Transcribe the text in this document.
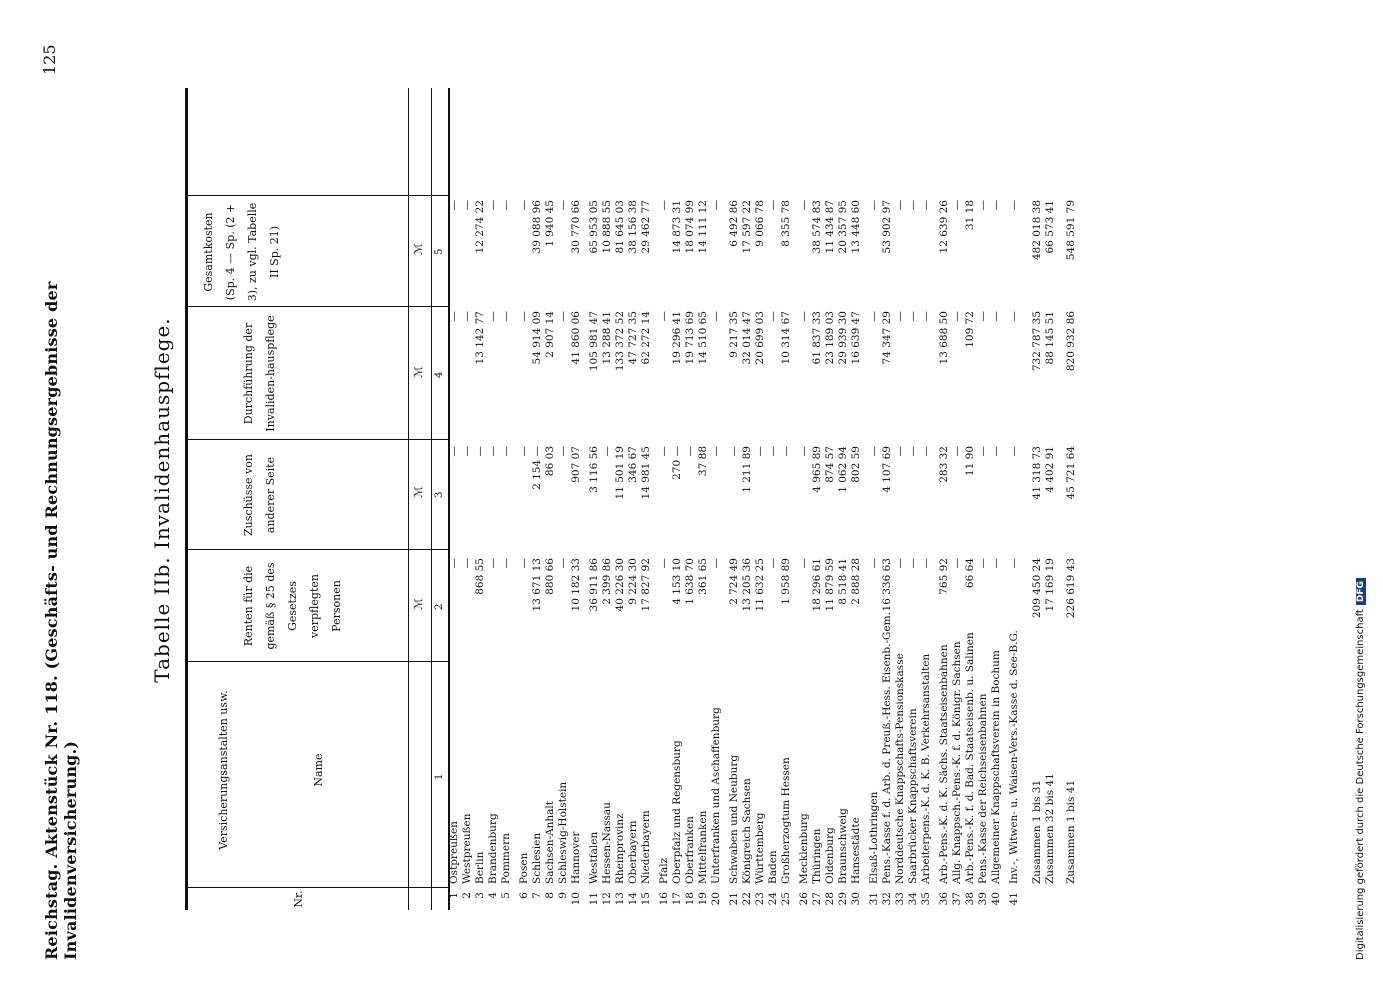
Reichstag. Aktenstück Nr. 118. (Geschäfts- und Rechnungsergebnisse der Invalidenversicherung.)
125
Tabelle IIb. Invalidenhauspflege.
Nr.
Versicherungsanstalten usw.	Name
Renten für die gemäß § 25 des Gesetzes verpflegten Personen
Zuschüsse von anderer Seite
Durchführung der Invaliden-hauspflege
Gesamtkosten (Sp. 4 — Sp. (2 + 3), zu vgl. Tabelle II Sp. 21)
ℳ
ℳ
ℳ
ℳ
1
2
3
4
5
1
Ostpreußen
—
—
—
—
2
Westpreußen
—
—
—
—
3
Berlin
868 55
—
13 142 77
12 274 22
4
Brandenburg
—
—
—
—
5
Pommern
—
—
—
—
6
Posen
—
—
—
—
7
Schlesien
13 671 13
2 154 —
54 914 09
39 088 96
8
Sachsen-Anhalt
880 66
86 03
2 907 14
1 940 45
9
Schleswig-Holstein
—
—
—
—
10
Hannover
10 182 33
907 07
41 860 06
30 770 66
11
Westfalen
36 911 86
3 116 56
105 981 47
65 953 05
12
Hessen-Nassau
2 399 86
—
13 288 41
10 888 55
13
Rheinprovinz
40 226 30
11 501 19
133 372 52
81 645 03
14
Oberbayern
9 224 30
346 67
47 727 35
38 156 38
15
Niederbayern
17 827 92
14 981 45
62 272 14
29 462 77
16
Pfalz
—
—
—
—
17
Oberpfalz und Regensburg
4 153 10
270 —
19 296 41
14 873 31
18
Oberfranken
1 638 70
—
19 713 69
18 074 99
19
Mittelfranken
361 65
37 88
14 510 65
14 111 12
20
Unterfranken und Aschaffenburg
—
—
—
—
21
Schwaben und Neuburg
2 724 49
—
9 217 35
6 492 86
22
Königreich Sachsen
13 205 36
1 211 89
32 014 47
17 597 22
23
Württemberg
11 632 25
—
20 699 03
9 066 78
24
Baden
—
—
—
—
25
Großherzogtum Hessen
1 958 89
—
10 314 67
8 355 78
26
Mecklenburg
—
—
—
—
27
Thüringen
18 296 61
4 965 89
61 837 33
38 574 83
28
Oldenburg
11 879 59
874 57
23 189 03
11 434 87
29
Braunschweig
8 518 41
1 062 94
29 939 30
20 357 95
30
Hansestädte
2 888 28
802 59
16 639 47
13 448 60
31
Elsaß-Lothringen
—
—
—
—
32
Pens.-Kasse f. d. Arb. d. Preuß.-Hess. Eisenb.-Gem.
16 336 63
4 107 69
74 347 29
53 902 97
33
Norddeutsche Knappschafts-Pensionskasse
—
—
—
—
34
Saarbrücker Knappschaftsverein
—
—
—
—
35
Arbeiterpens.-K. d. K. B. Verkehrsanstalten
—
—
—
—
36
Arb.-Pens.-K. d. K. Sächs. Staatseisenbahnen
765 92
283 32
13 688 50
12 639 26
37
Allg. Knappsch.-Pens.-K. f. d. Königr. Sachsen
—
—
—
—
38
Arb.-Pens.-K. f. d. Bad. Staatseisenb. u. Salinen
66 64
11 90
109 72
31 18
39
Pens.-Kasse der Reichseisenbahnen
—
—
—
—
40
Allgemeiner Knappschaftsverein in Bochum
—
—
—
—
41
Inv.-, Witwen- u. Waisen-Vers.-Kasse d. See-B.G.
—
—
—
—
Zusammen 1 bis 31
209 450 24
41 318 73
732 787 35
482 018 38
Zusammen 32 bis 41
17 169 19
4 402 91
88 145 51
66 573 41
Zusammen 1 bis 41
226 619 43
45 721 64
820 932 86
548 591 79
Digitalisierung gefördert durch die Deutsche ForschungsgemeinschaftDFG
